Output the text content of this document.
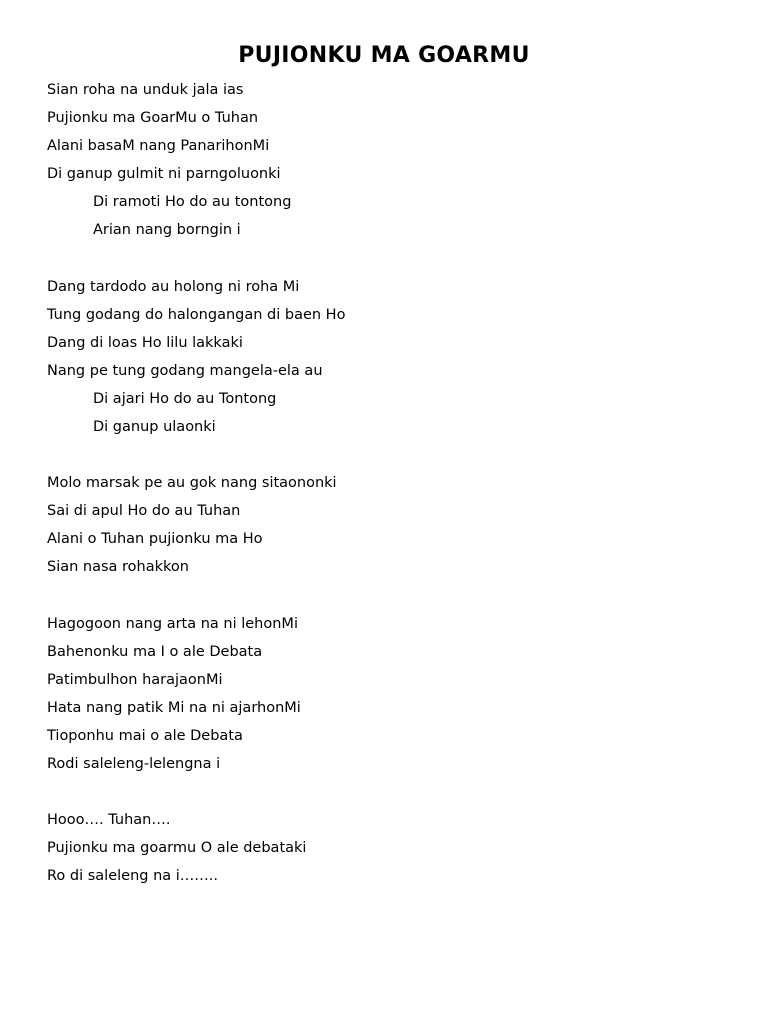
PUJIONKU MA GOARMU
Sian roha na unduk jala ias
Pujionku ma GoarMu o Tuhan
Alani basaM nang PanarihonMi
Di ganup gulmit ni parngoluonki
Di ramoti Ho do au tontong
Arian nang borngin i
Dang tardodo au holong ni roha Mi
Tung godang do halongangan di baen Ho
Dang di loas Ho lilu lakkaki
Nang pe tung godang mangela-ela au
Di ajari Ho do au Tontong
Di ganup ulaonki
Molo marsak pe au gok nang sitaononki
Sai di apul Ho do au Tuhan
Alani o Tuhan pujionku ma Ho
Sian nasa rohakkon
Hagogoon nang arta na ni lehonMi
Bahenonku ma I o ale Debata
Patimbulhon harajaonMi
Hata nang patik Mi na ni ajarhonMi
Tioponhu mai o ale Debata
Rodi saleleng-lelengna i
Hooo…. Tuhan….
Pujionku ma goarmu O ale debataki
Ro di saleleng na i……..
